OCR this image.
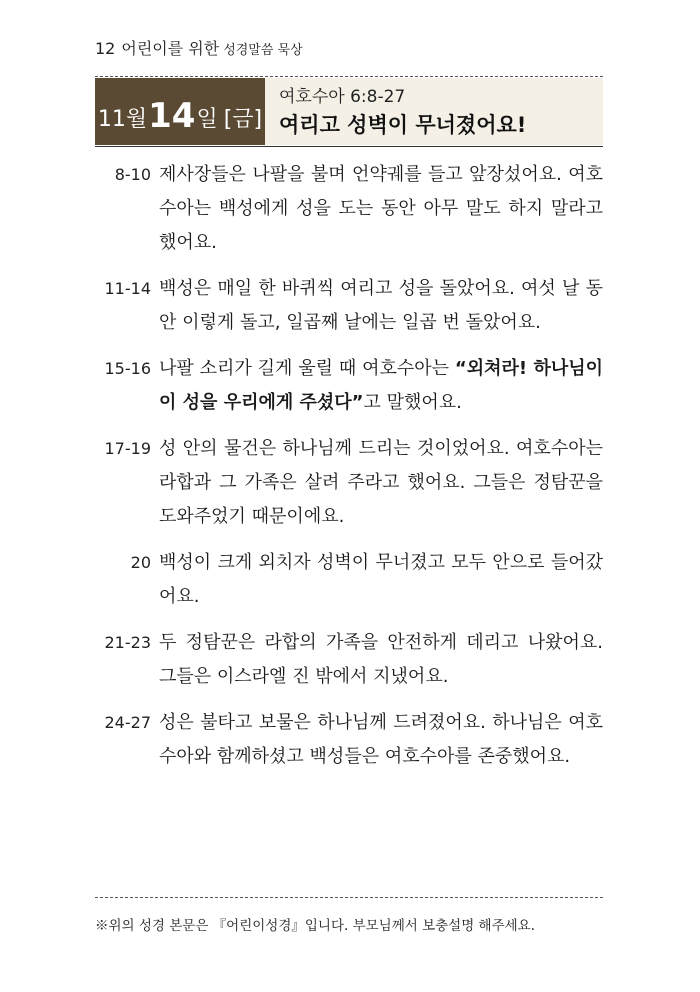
12 어린이를 위한 성경말씀 묵상
11월 14 일 [금]
여호수아 6:8-27
여리고 성벽이 무너졌어요!
8-10 제사장들은 나팔을 불며 언약궤를 들고 앞장섰어요. 여호수아는 백성에게 성을 도는 동안 아무 말도 하지 말라고 했어요.
11-14 백성은 매일 한 바퀴씩 여리고 성을 돌았어요. 여섯 날 동안 이렇게 돌고, 일곱째 날에는 일곱 번 돌았어요.
15-16 나팔 소리가 길게 울릴 때 여호수아는 “외쳐라! 하나님이 이 성을 우리에게 주셨다”고 말했어요.
17-19 성 안의 물건은 하나님께 드리는 것이었어요. 여호수아는 라합과 그 가족은 살려 주라고 했어요. 그들은 정탐꾼을 도와주었기 때문이에요.
20 백성이 크게 외치자 성벽이 무너졌고 모두 안으로 들어갔어요.
21-23 두 정탐꾼은 라합의 가족을 안전하게 데리고 나왔어요. 그들은 이스라엘 진 밖에서 지냈어요.
24-27 성은 불타고 보물은 하나님께 드려졌어요. 하나님은 여호수아와 함께하셨고 백성들은 여호수아를 존중했어요.
※위의 성경 본문은 『어린이성경』입니다. 부모님께서 보충설명 해주세요.
